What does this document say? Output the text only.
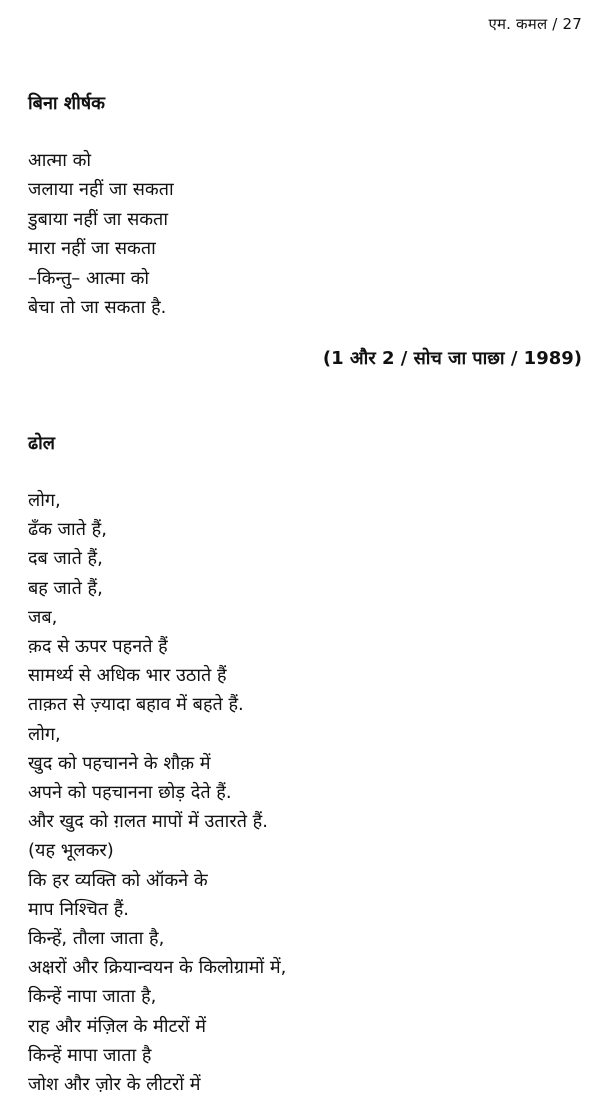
एम. कमल / 27
बिना शीर्षक
आत्मा को
जलाया नहीं जा सकता
डुबाया नहीं जा सकता
मारा नहीं जा सकता
–किन्तु– आत्मा को
बेचा तो जा सकता है.
(1 और 2 / सोच जा पाछा / 1989)
ढोल
लोग,
ढँक जाते हैं,
दब जाते हैं,
बह जाते हैं,
जब,
क़द से ऊपर पहनते हैं
सामर्थ्य से अधिक भार उठाते हैं
ताक़त से ज़्यादा बहाव में बहते हैं.
लोग,
खुद को पहचानने के शौक़ में
अपने को पहचानना छोड़ देते हैं.
और खुद को ग़लत मापों में उतारते हैं.
(यह भूलकर)
कि हर व्यक्ति को ऑकने के
माप निश्चित हैं.
किन्हें, तौला जाता है,
अक्षरों और क्रियान्वयन के किलोग्रामों में,
किन्हें नापा जाता है,
राह और मंज़िल के मीटरों में
किन्हें मापा जाता है
जोश और ज़ोर के लीटरों में
